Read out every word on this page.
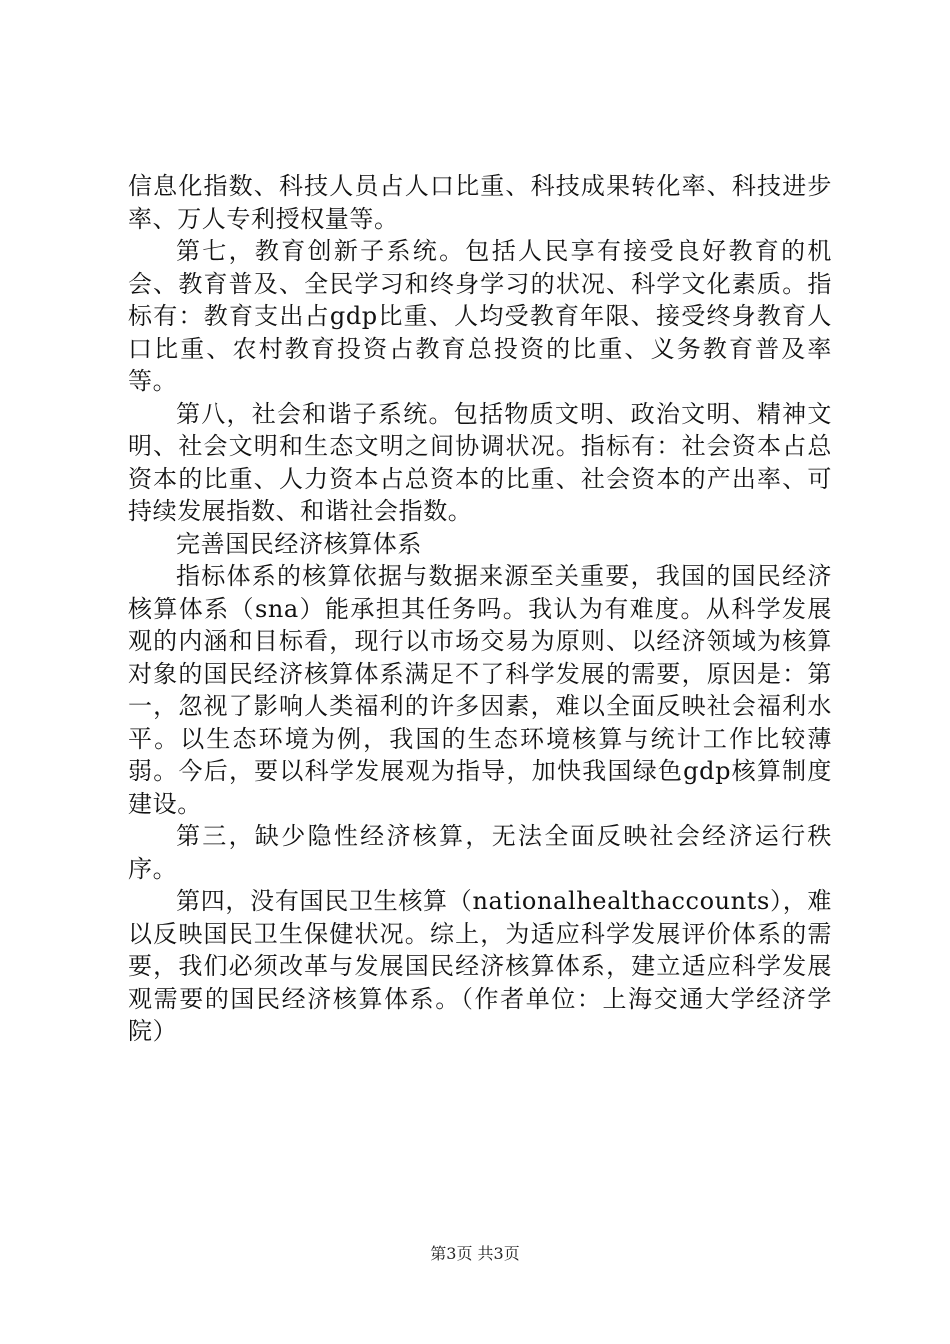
信息化指数、科技人员占人口比重、科技成果转化率、科技进步率、万人专利授权量等。

第七，教育创新子系统。包括人民享有接受良好教育的机会、教育普及、全民学习和终身学习的状况、科学文化素质。指标有：教育支出占gdp比重、人均受教育年限、接受终身教育人口比重、农村教育投资占教育总投资的比重、义务教育普及率等。

第八，社会和谐子系统。包括物质文明、政治文明、精神文明、社会文明和生态文明之间协调状况。指标有：社会资本占总资本的比重、人力资本占总资本的比重、社会资本的产出率、可持续发展指数、和谐社会指数。

完善国民经济核算体系

指标体系的核算依据与数据来源至关重要，我国的国民经济核算体系（sna）能承担其任务吗。我认为有难度。从科学发展观的内涵和目标看，现行以市场交易为原则、以经济领域为核算对象的国民经济核算体系满足不了科学发展的需要，原因是：第一，忽视了影响人类福利的许多因素，难以全面反映社会福利水平。以生态环境为例，我国的生态环境核算与统计工作比较薄弱。今后，要以科学发展观为指导，加快我国绿色gdp核算制度建设。

第三，缺少隐性经济核算，无法全面反映社会经济运行秩序。

第四，没有国民卫生核算（nationalhealthaccounts），难以反映国民卫生保健状况。综上，为适应科学发展评价体系的需要，我们必须改革与发展国民经济核算体系，建立适应科学发展观需要的国民经济核算体系。（作者单位：上海交通大学经济学院）

第3页 共3页
